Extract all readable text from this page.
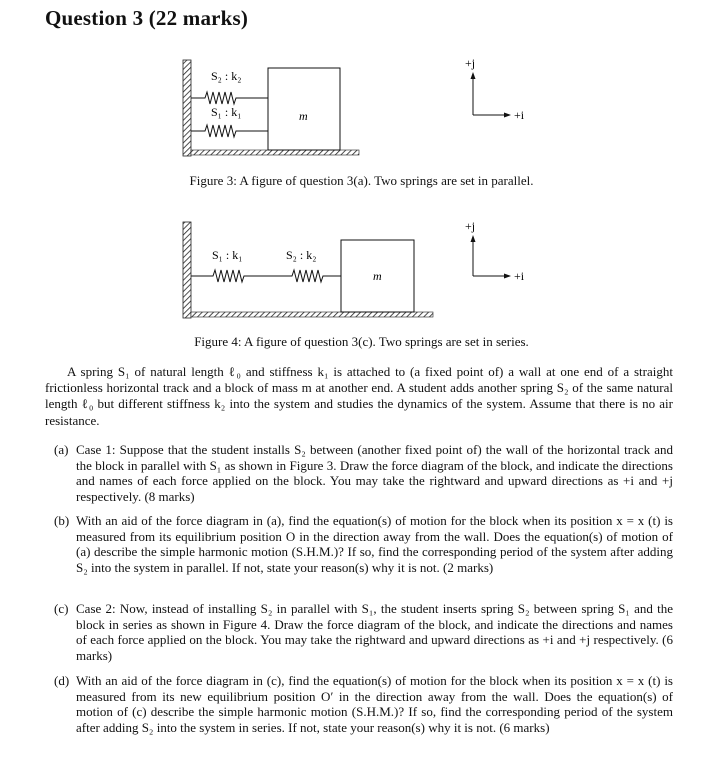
Question 3 (22 marks)
S₂ : k₂
S₁ : k₁	m
+j
+i
Figure 3: A figure of question 3(a). Two springs are set in parallel.
S₁ : k₁	S₂ : k₂
m
+j
+i
Figure 4: A figure of question 3(c). Two springs are set in series.
A spring S₁ of natural length ℓ₀ and stiffness k₁ is attached to (a fixed point of) a wall at one end of a straight frictionless horizontal track and a block of mass m at another end. A student adds another spring S₂ of the same natural length ℓ₀ but different stiffness k₂ into the system and studies the dynamics of the system. Assume that there is no air resistance.
(a) Case 1: Suppose that the student installs S₂ between (another fixed point of) the wall of the horizontal track and the block in parallel with S₁ as shown in Figure 3. Draw the force diagram of the block, and indicate the directions and names of each force applied on the block. You may take the rightward and upward directions as +i and +j respectively. (8 marks)
(b) With an aid of the force diagram in (a), find the equation(s) of motion for the block when its position x = x (t) is measured from its equilibrium position O in the direction away from the wall. Does the equation(s) of motion of (a) describe the simple harmonic motion (S.H.M.)? If so, find the corresponding period of the system after adding S₂ into the system in parallel. If not, state your reason(s) why it is not. (2 marks)
(c) Case 2: Now, instead of installing S₂ in parallel with S₁, the student inserts spring S₂ between spring S₁ and the block in series as shown in Figure 4. Draw the force diagram of the block, and indicate the directions and names of each force applied on the block. You may take the rightward and upward directions as +i and +j respectively. (6 marks)
(d) With an aid of the force diagram in (c), find the equation(s) of motion for the block when its position x = x (t) is measured from its new equilibrium position O′ in the direction away from the wall. Does the equation(s) of motion of (c) describe the simple harmonic motion (S.H.M.)? If so, find the corresponding period of the system after adding S₂ into the system in series. If not, state your reason(s) why it is not. (6 marks)
